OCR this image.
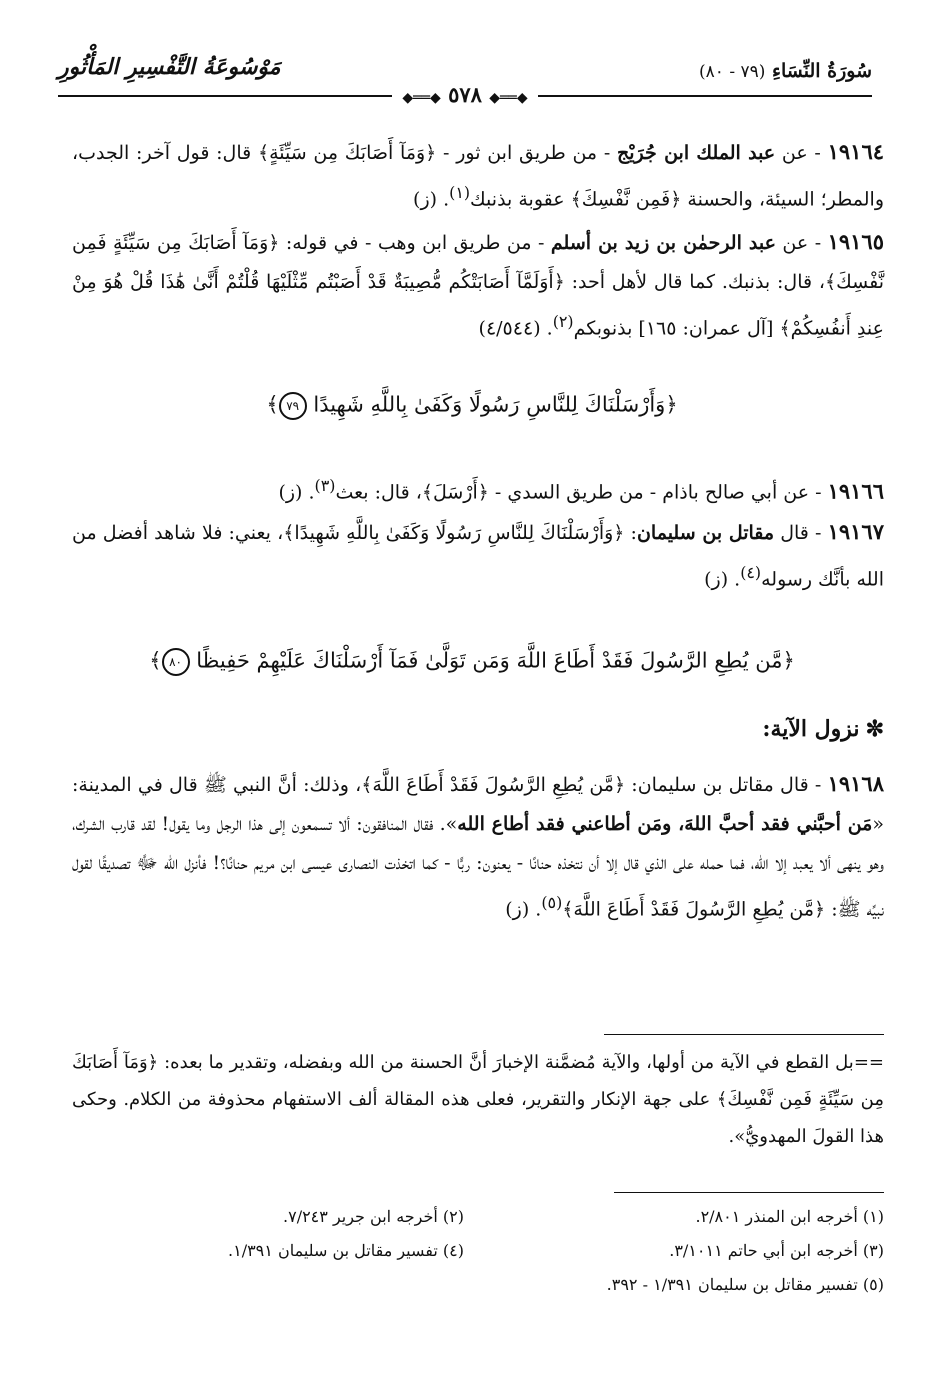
سُورَةُ النِّسَاءِ (٧٩ - ٨٠)
مَوْسُوعَةُ التَّفْسِيرِ المَأْثُورِ
◆══◆ ٥٧٨ ◆══◆

١٩١٦٤ - عن عبد الملك ابن جُرَيْج - من طريق ابن ثور - ﴿وَمَآ أَصَابَكَ مِن سَيِّئَةٍ﴾ قال: قول آخر: الجدب، والمطر؛ السيئة، والحسنة ﴿فَمِن نَّفْسِكَ﴾ عقوبة بذنبك$^{(١)}$. (ز)

١٩١٦٥ - عن عبد الرحمٰن بن زيد بن أسلم - من طريق ابن وهب - في قوله: ﴿وَمَآ أَصَابَكَ مِن سَيِّئَةٍ فَمِن نَّفْسِكَ﴾، قال: بذنبك. كما قال لأهل أحد: ﴿أَوَلَمَّآ أَصَابَتْكُم مُّصِيبَةٌ قَدْ أَصَبْتُم مِّثْلَيْهَا قُلْتُمْ أَنَّىٰ هَٰذَا قُلْ هُوَ مِنْ عِندِ أَنفُسِكُمْ﴾ [آل عمران: ١٦٥] بذنوبكم$^{(٢)}$. (٤/٥٤٤)

﴿وَأَرْسَلْنَاكَ لِلنَّاسِ رَسُولًا وَكَفَىٰ بِاللَّهِ شَهِيدًا ٧٩﴾

١٩١٦٦ - عن أبي صالح باذام - من طريق السدي - ﴿أَرْسَلَ﴾، قال: بعث$^{(٣)}$. (ز)

١٩١٦٧ - قال مقاتل بن سليمان: ﴿وَأَرْسَلْنَاكَ لِلنَّاسِ رَسُولًا وَكَفَىٰ بِاللَّهِ شَهِيدًا﴾، يعني: فلا شاهد أفضل من الله بأنَّك رسوله$^{(٤)}$. (ز)

﴿مَّن يُطِعِ الرَّسُولَ فَقَدْ أَطَاعَ اللَّهَ وَمَن تَوَلَّىٰ فَمَآ أَرْسَلْنَاكَ عَلَيْهِمْ حَفِيظًا ٨٠﴾
✼نزول الآية:

١٩١٦٨ - قال مقاتل بن سليمان: ﴿مَّن يُطِعِ الرَّسُولَ فَقَدْ أَطَاعَ اللَّهَ﴾، وذلك: أنَّ النبي ﷺ قال في المدينة: «مَن أحبَّني فقد أحبَّ اللهَ، ومَن أطاعني فقد أطاع الله». فقال المنافقون: ألا تسمعون إلى هذا الرجل وما يقول! لقد قارب الشرك، وهو ينهى ألا يعبد إلا الله، فما حمله على الذي قال إلا أن نتخذه حنانًا - يعنون: ربًّا - كما اتخذت النصارى عيسى ابن مريم حنانًا؟! فأنزل الله ﷻ تصديقًا لقول نبيِّه ﷺ: ﴿مَّن يُطِعِ الرَّسُولَ فَقَدْ أَطَاعَ اللَّهَ﴾$^{(٥)}$. (ز)

==بل القطع في الآية من أولها، والآية مُضمَّنة الإخبارَ أنَّ الحسنة من الله وبفضله، وتقدير ما بعده: ﴿وَمَآ أَصَابَكَ مِن سَيِّئَةٍ فَمِن نَّفْسِكَ﴾ على جهة الإنكار والتقرير، فعلى هذه المقالة ألف الاستفهام محذوفة من الكلام. وحكى هذا القولَ المهدويُّ».

(١) أخرجه ابن المنذر ٢/٨٠١.
(٢) أخرجه ابن جرير ٧/٢٤٣.
(٣) أخرجه ابن أبي حاتم ٣/١٠١١.
(٤) تفسير مقاتل بن سليمان ١/٣٩١.
(٥) تفسير مقاتل بن سليمان ١/٣٩١ - ٣٩٢.
